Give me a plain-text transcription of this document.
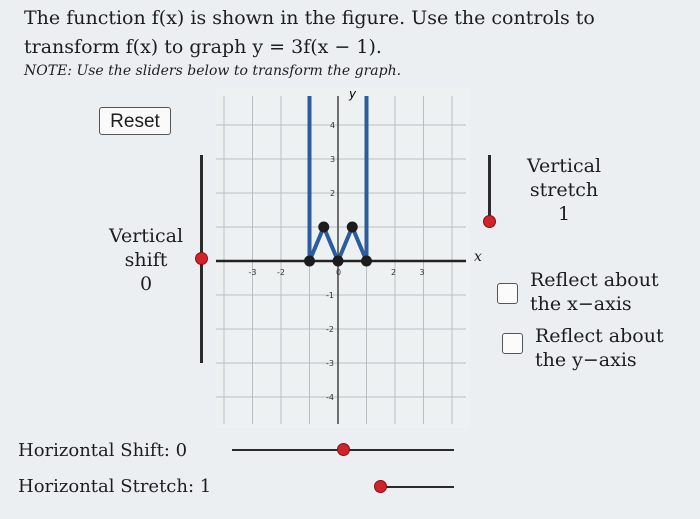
The function f(x) is shown in the figure. Use the controls to
transform f(x) to graph y = 3f(x − 1).
NOTE: Use the sliders below to transform the graph.
Reset
Vertical
shift
0
y
-3	-2	0	2	3
4
3
2
-1
-2
-3
-4
x
Vertical
stretch
1
Reflect about
the x−axis
Reflect about
the y−axis
Horizontal Shift: 0
Horizontal Stretch: 1
